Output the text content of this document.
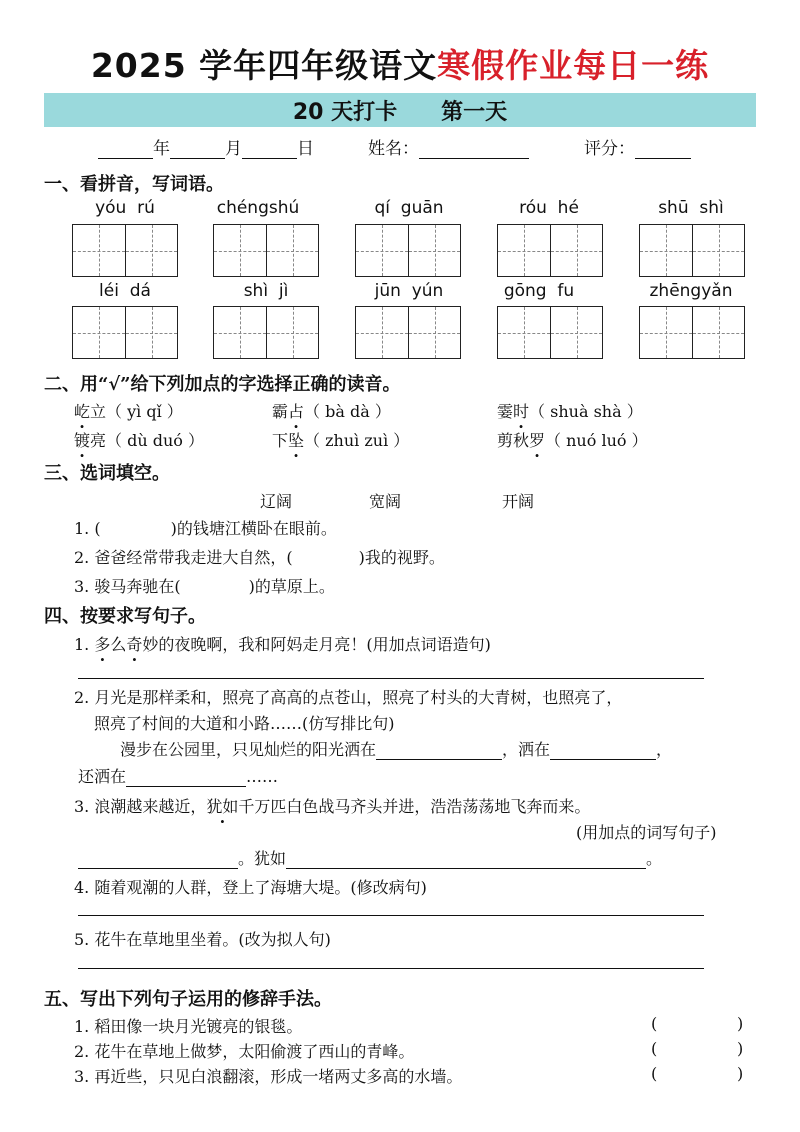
2025 学年四年级语文寒假作业每日一练
20 天打卡 第一天
年	月	日	姓名：	评分：
一、看拼音，写词语。
yóu  rú	chéngshú	qí  guān	róu  hé	shū  shì
léi  dá	shì  jì	jūn  yún	gōng  fu	zhēngyǎn
二、用“√”给下列加点的字选择正确的读音。
屹立（ yì qǐ ）	霸占（ bà dà ）	霎时（ shuà shà ）
镀亮（ dù duó ）	下坠（ zhuì zuì ）	剪秋罗（ nuó luó ）
三、选词填空。
辽阔	宽阔	开阔
1. (	)的钱塘江横卧在眼前。
2. 爸爸经常带我走进大自然，(	)我的视野。
3. 骏马奔驰在(	)的草原上。
四、按要求写句子。
1. 多么奇妙的夜晚啊，我和阿妈走月亮！(用加点词语造句)
2. 月光是那样柔和，照亮了高高的点苍山，照亮了村头的大青树，也照亮了，
照亮了村间的大道和小路……(仿写排比句)
漫步在公园里，只见灿烂的阳光洒在	，洒在	，
还洒在	……
3. 浪潮越来越近，犹如千万匹白色战马齐头并进，浩浩荡荡地飞奔而来。
(用加点的词写句子)
。犹如	。
4. 随着观潮的人群，登上了海塘大堤。(修改病句)
5. 花牛在草地里坐着。(改为拟人句)
五、写出下列句子运用的修辞手法。
1. 稻田像一块月光镀亮的银毯。	(	)
2. 花牛在草地上做梦，太阳偷渡了西山的青峰。	(	)
3. 再近些，只见白浪翻滚，形成一堵两丈多高的水墙。	(	)
